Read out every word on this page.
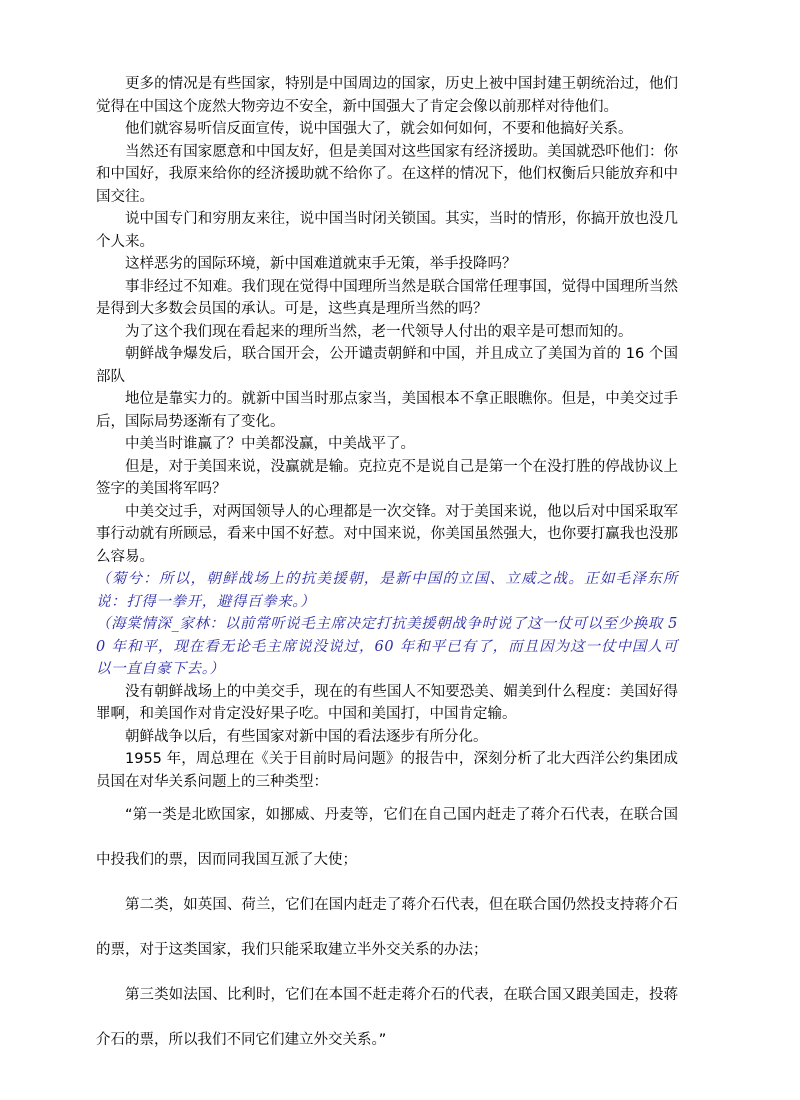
更多的情况是有些国家，特别是中国周边的国家，历史上被中国封建王朝统治过，他们觉得在中国这个庞然大物旁边不安全，新中国强大了肯定会像以前那样对待他们。

他们就容易听信反面宣传，说中国强大了，就会如何如何，不要和他搞好关系。

当然还有国家愿意和中国友好，但是美国对这些国家有经济援助。美国就恐吓他们：你和中国好，我原来给你的经济援助就不给你了。在这样的情况下，他们权衡后只能放弃和中国交往。

说中国专门和穷朋友来往，说中国当时闭关锁国。其实，当时的情形，你搞开放也没几个人来。

这样恶劣的国际环境，新中国难道就束手无策，举手投降吗？

事非经过不知难。我们现在觉得中国理所当然是联合国常任理事国，觉得中国理所当然是得到大多数会员国的承认。可是，这些真是理所当然的吗？

为了这个我们现在看起来的理所当然，老一代领导人付出的艰辛是可想而知的。

朝鲜战争爆发后，联合国开会，公开谴责朝鲜和中国，并且成立了美国为首的 16 个国部队

地位是靠实力的。就新中国当时那点家当，美国根本不拿正眼瞧你。但是，中美交过手后，国际局势逐渐有了变化。

中美当时谁赢了？中美都没赢，中美战平了。

但是，对于美国来说，没赢就是输。克拉克不是说自己是第一个在没打胜的停战协议上签字的美国将军吗？

中美交过手，对两国领导人的心理都是一次交锋。对于美国来说，他以后对中国采取军事行动就有所顾忌，看来中国不好惹。对中国来说，你美国虽然强大，也你要打赢我也没那么容易。

（菊兮：所以，朝鲜战场上的抗美援朝，是新中国的立国、立威之战。正如毛泽东所说：打得一拳开，避得百拳来。）

（海棠情深_家林：以前常听说毛主席决定打抗美援朝战争时说了这一仗可以至少换取 50 年和平，现在看无论毛主席说没说过，60 年和平已有了，而且因为这一仗中国人可以一直自豪下去。）

没有朝鲜战场上的中美交手，现在的有些国人不知要恐美、媚美到什么程度：美国好得罪啊，和美国作对肯定没好果子吃。中国和美国打，中国肯定输。

朝鲜战争以后，有些国家对新中国的看法逐步有所分化。

1955 年，周总理在《关于目前时局问题》的报告中，深刻分析了北大西洋公约集团成员国在对华关系问题上的三种类型：

“第一类是北欧国家，如挪威、丹麦等，它们在自己国内赶走了蒋介石代表，在联合国中投我们的票，因而同我国互派了大使；

第二类，如英国、荷兰，它们在国内赶走了蒋介石代表，但在联合国仍然投支持蒋介石的票，对于这类国家，我们只能采取建立半外交关系的办法；

第三类如法国、比利时，它们在本国不赶走蒋介石的代表，在联合国又跟美国走，投蒋介石的票，所以我们不同它们建立外交关系。”
